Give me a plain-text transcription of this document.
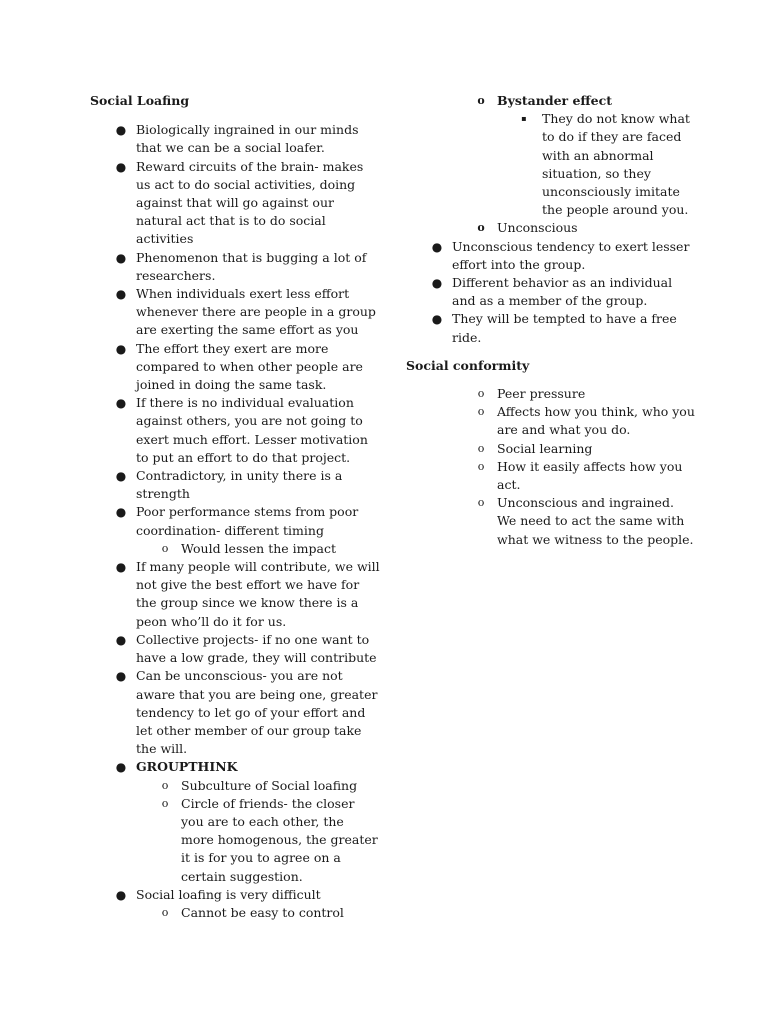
Social Loafing
● Biologically ingrained in our minds that we can be a social loafer.
● Reward circuits of the brain- makes us act to do social activities, doing against that will go against our natural act that is to do social activities
● Phenomenon that is bugging a lot of researchers.
● When individuals exert less effort whenever there are people in a group are exerting the same effort as you
● The effort they exert are more compared to when other people are joined in doing the same task.
● If there is no individual evaluation against others, you are not going to exert much effort. Lesser motivation to put an effort to do that project.
● Contradictory, in unity there is a strength
● Poor performance stems from poor coordination- different timing
o Would lessen the impact
● If many people will contribute, we will not give the best effort we have for the group since we know there is a peon who’ll do it for us.
● Collective projects- if no one want to have a low grade, they will contribute
● Can be unconscious- you are not aware that you are being one, greater tendency to let go of your effort and let other member of our group take the will.
● GROUPTHINK
o Subculture of Social loafing
o Circle of friends- the closer you are to each other, the more homogenous, the greater it is for you to agree on a certain suggestion.
● Social loafing is very difficult
o Cannot be easy to control
o Bystander effect
▪	They do not know what to do if they are faced with an abnormal situation, so they unconsciously imitate the people around you.
o Unconscious
● Unconscious tendency to exert lesser effort into the group.
● Different behavior as an individual and as a member of the group.
● They will be tempted to have a free ride.
Social conformity
o Peer pressure
o Affects how you think, who you are and what you do.
o Social learning
o How it easily affects how you act.
o Unconscious and ingrained. We need to act the same with what we witness to the people.
